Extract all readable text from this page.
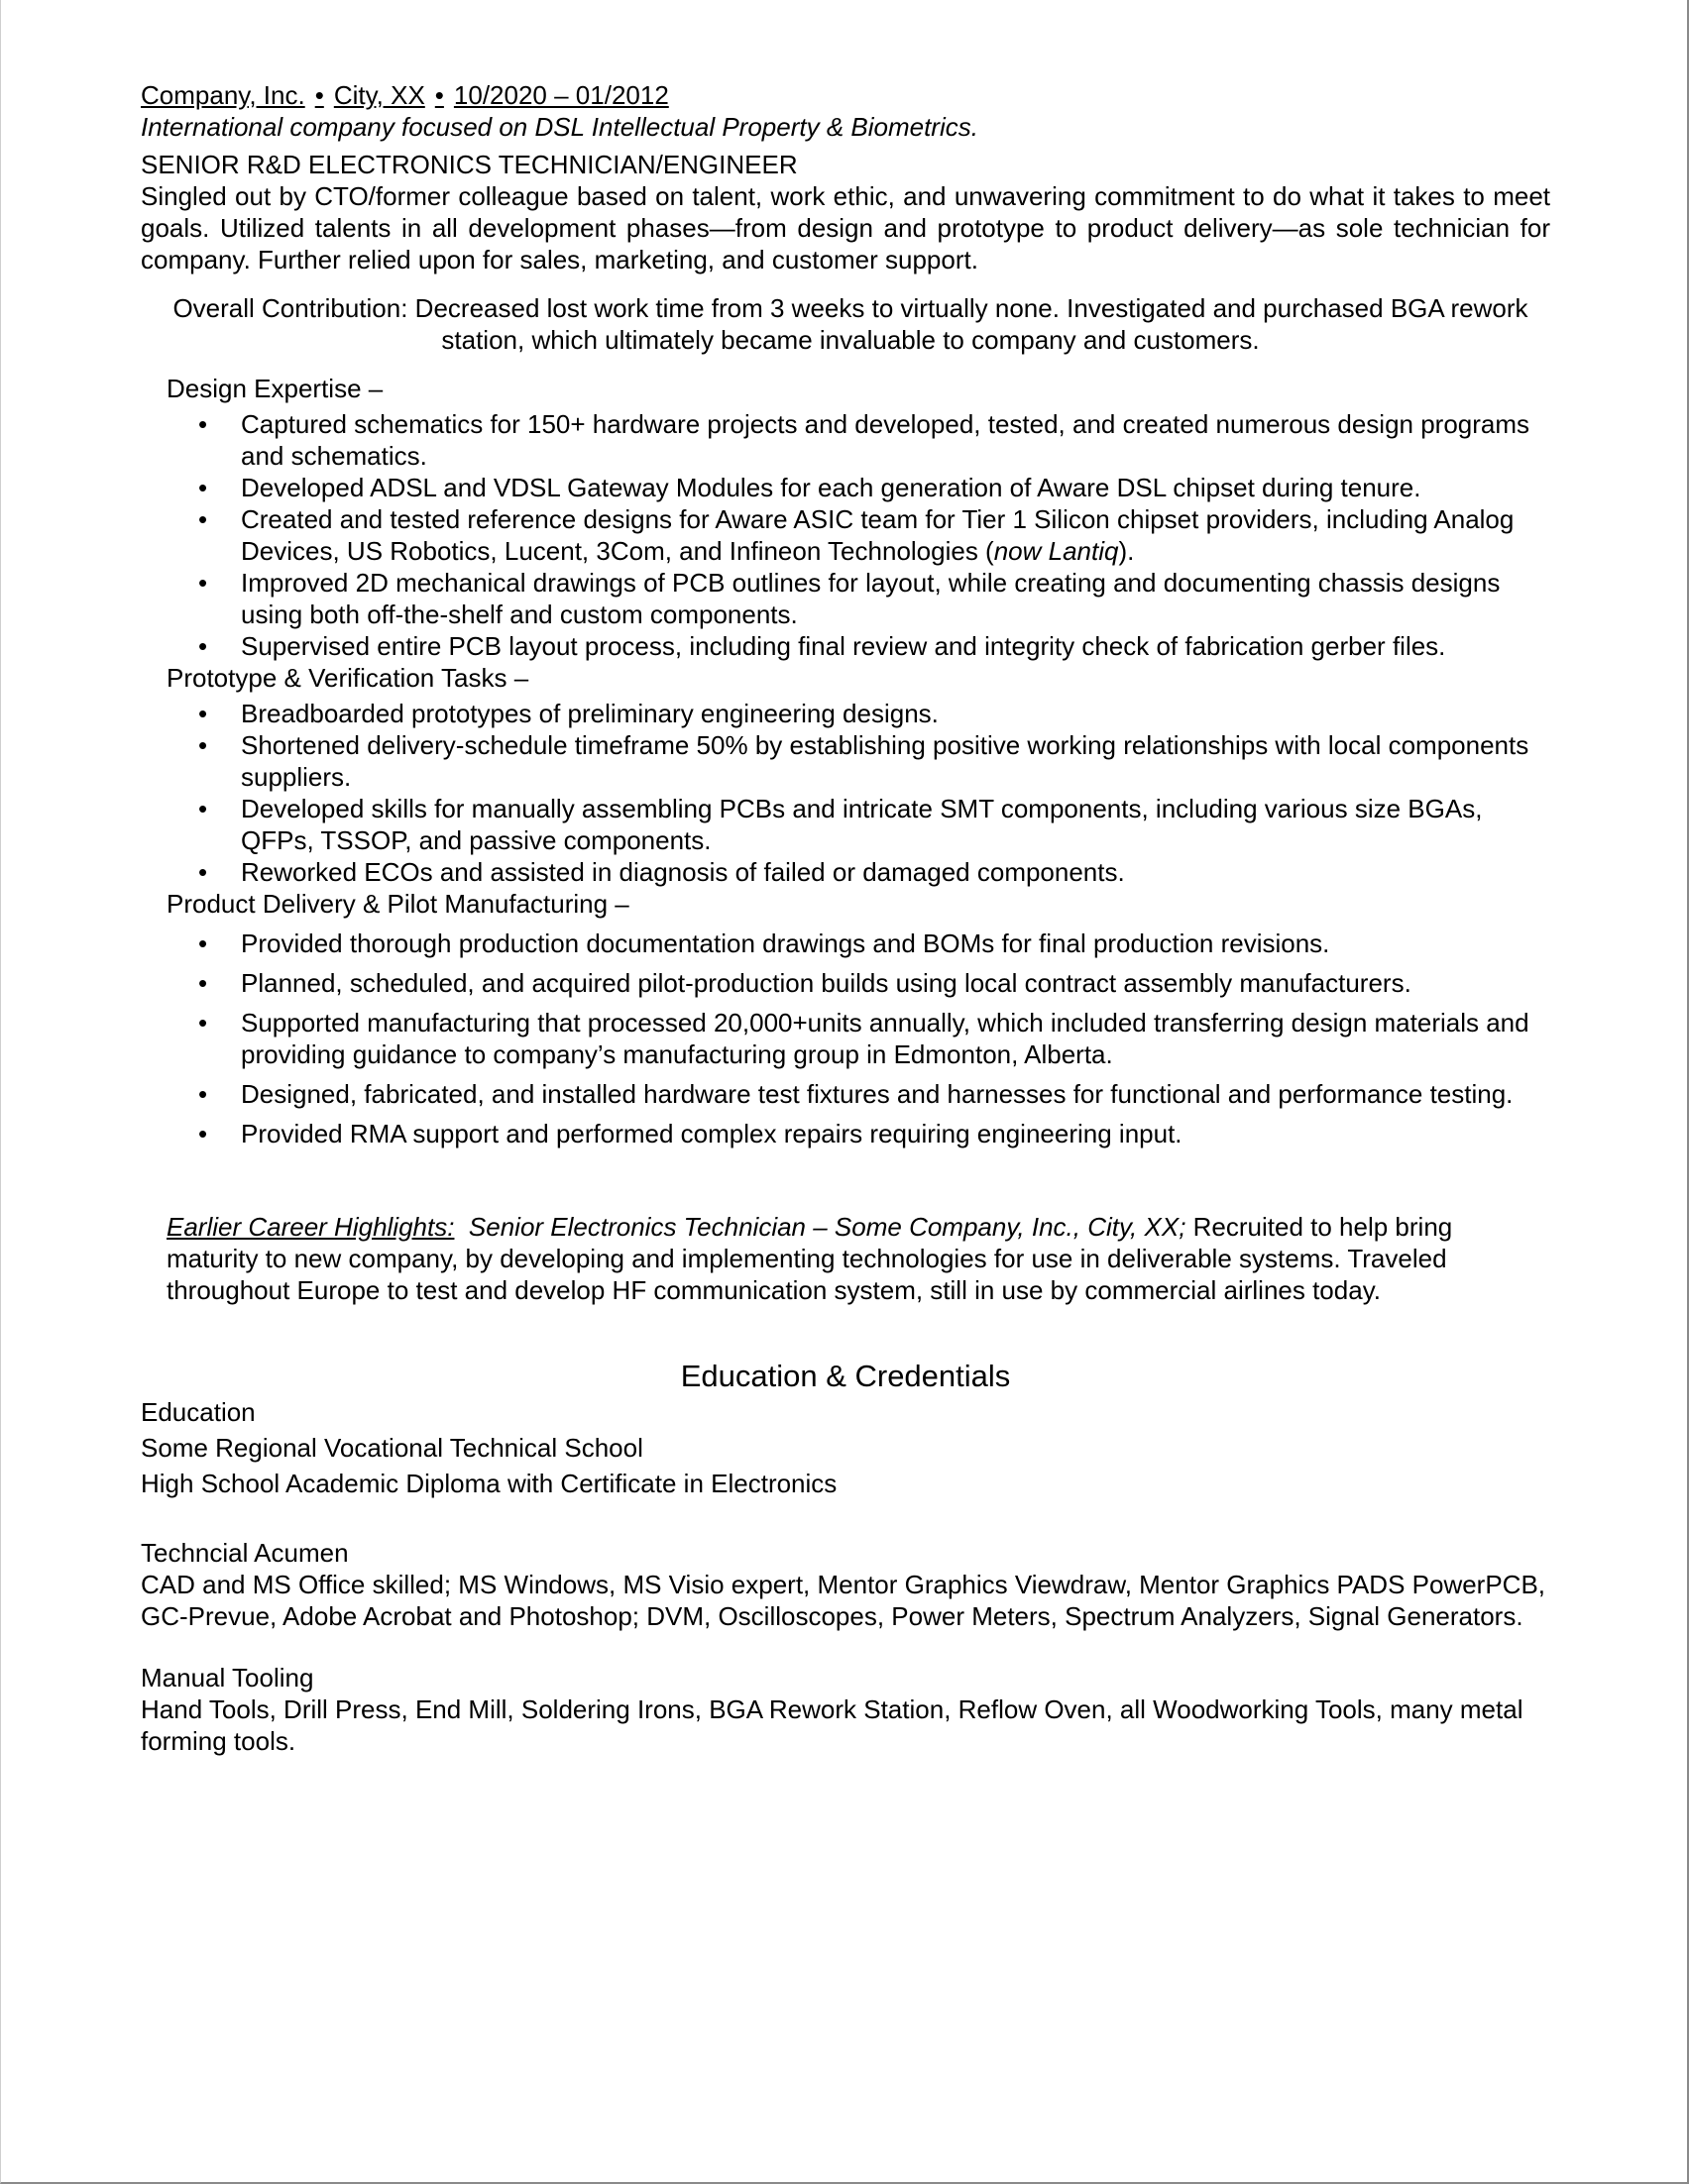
Company, Inc. • City, XX • 10/2020 – 01/2012

International company focused on DSL Intellectual Property & Biometrics.

SENIOR R&D ELECTRONICS TECHNICIAN/ENGINEER

Singled out by CTO/former colleague based on talent, work ethic, and unwavering commitment to do what it takes to meet goals. Utilized talents in all development phases—from design and prototype to product delivery—as sole technician for company. Further relied upon for sales, marketing, and customer support.

Overall Contribution: Decreased lost work time from 3 weeks to virtually none. Investigated and purchased BGA rework station, which ultimately became invaluable to company and customers.

Design Expertise –

• Captured schematics for 150+ hardware projects and developed, tested, and created numerous design programs and schematics.
• Developed ADSL and VDSL Gateway Modules for each generation of Aware DSL chipset during tenure.
• Created and tested reference designs for Aware ASIC team for Tier 1 Silicon chipset providers, including Analog Devices, US Robotics, Lucent, 3Com, and Infineon Technologies (now Lantiq).
• Improved 2D mechanical drawings of PCB outlines for layout, while creating and documenting chassis designs using both off-the-shelf and custom components.
• Supervised entire PCB layout process, including final review and integrity check of fabrication gerber files.

Prototype & Verification Tasks –

• Breadboarded prototypes of preliminary engineering designs.
• Shortened delivery-schedule timeframe 50% by establishing positive working relationships with local components suppliers.
• Developed skills for manually assembling PCBs and intricate SMT components, including various size BGAs, QFPs, TSSOP, and passive components.
• Reworked ECOs and assisted in diagnosis of failed or damaged components.

Product Delivery & Pilot Manufacturing –

• Provided thorough production documentation drawings and BOMs for final production revisions.
• Planned, scheduled, and acquired pilot-production builds using local contract assembly manufacturers.
• Supported manufacturing that processed 20,000+units annually, which included transferring design materials and providing guidance to company’s manufacturing group in Edmonton, Alberta.
• Designed, fabricated, and installed hardware test fixtures and harnesses for functional and performance testing.
• Provided RMA support and performed complex repairs requiring engineering input.

Earlier Career Highlights: Senior Electronics Technician – Some Company, Inc., City, XX; Recruited to help bring maturity to new company, by developing and implementing technologies for use in deliverable systems. Traveled throughout Europe to test and develop HF communication system, still in use by commercial airlines today.

Education & Credentials

Education

Some Regional Vocational Technical School

High School Academic Diploma with Certificate in Electronics

Techncial Acumen

CAD and MS Office skilled; MS Windows, MS Visio expert, Mentor Graphics Viewdraw, Mentor Graphics PADS PowerPCB, GC-Prevue, Adobe Acrobat and Photoshop; DVM, Oscilloscopes, Power Meters, Spectrum Analyzers, Signal Generators.

Manual Tooling

Hand Tools, Drill Press, End Mill, Soldering Irons, BGA Rework Station, Reflow Oven, all Woodworking Tools, many metal forming tools.
